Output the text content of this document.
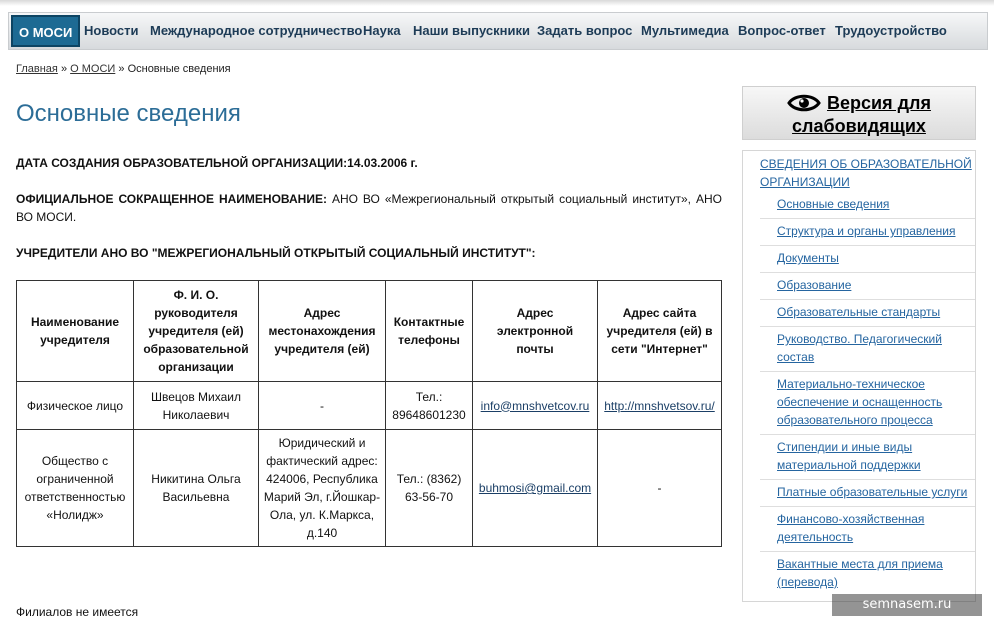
О МОСИ Новости Международное сотрудничество Наука Наши выпускники Задать вопрос Мультимедиа Вопрос-ответ Трудоустройство
Главная » О МОСИ » Основные сведения
Основные сведения
ДАТА СОЗДАНИЯ ОБРАЗОВАТЕЛЬНОЙ ОРГАНИЗАЦИИ:14.03.2006 г.
ОФИЦИАЛЬНОЕ СОКРАЩЕННОЕ НАИМЕНОВАНИЕ: АНО ВО «Межрегиональный открытый социальный институт», АНО ВО МОСИ.
УЧРЕДИТЕЛИ АНО ВО "МЕЖРЕГИОНАЛЬНЫЙ ОТКРЫТЫЙ СОЦИАЛЬНЫЙ ИНСТИТУТ":
Наименование учредителя	Ф. И. О. руководителя учредителя (ей) образовательной организации	Адрес местонахождения учредителя (ей)	Контактные телефоны	Адрес электронной почты	Адрес сайта учредителя (ей) в сети "Интернет"
Физическое лицо	Швецов Михаил Николаевич	-	Тел.: 89648601230	info@mnshvetcov.ru	http://mnshvetsov.ru/
Общество с ограниченной ответственностью «Нолидж»	Никитина Ольга Васильевна	Юридический и фактический адрес: 424006, Республика Марий Эл, г.Йошкар-Ола, ул. К.Маркса, д.140	Тел.: (8362) 63-56-70	buhmosi@gmail.com	-
Филиалов не имеется
Версия для
слабовидящих
СВЕДЕНИЯ ОБ ОБРАЗОВАТЕЛЬНОЙ ОРГАНИЗАЦИИ
Основные сведения
Структура и органы управления
Документы
Образование
Образовательные стандарты
Руководство. Педагогический состав
Материально-техническое обеспечение и оснащенность образовательного процесса
Стипендии и иные виды материальной поддержки
Платные образовательные услуги
Финансово-хозяйственная деятельность
Вакантные места для приема (перевода)
semnasem.ru
